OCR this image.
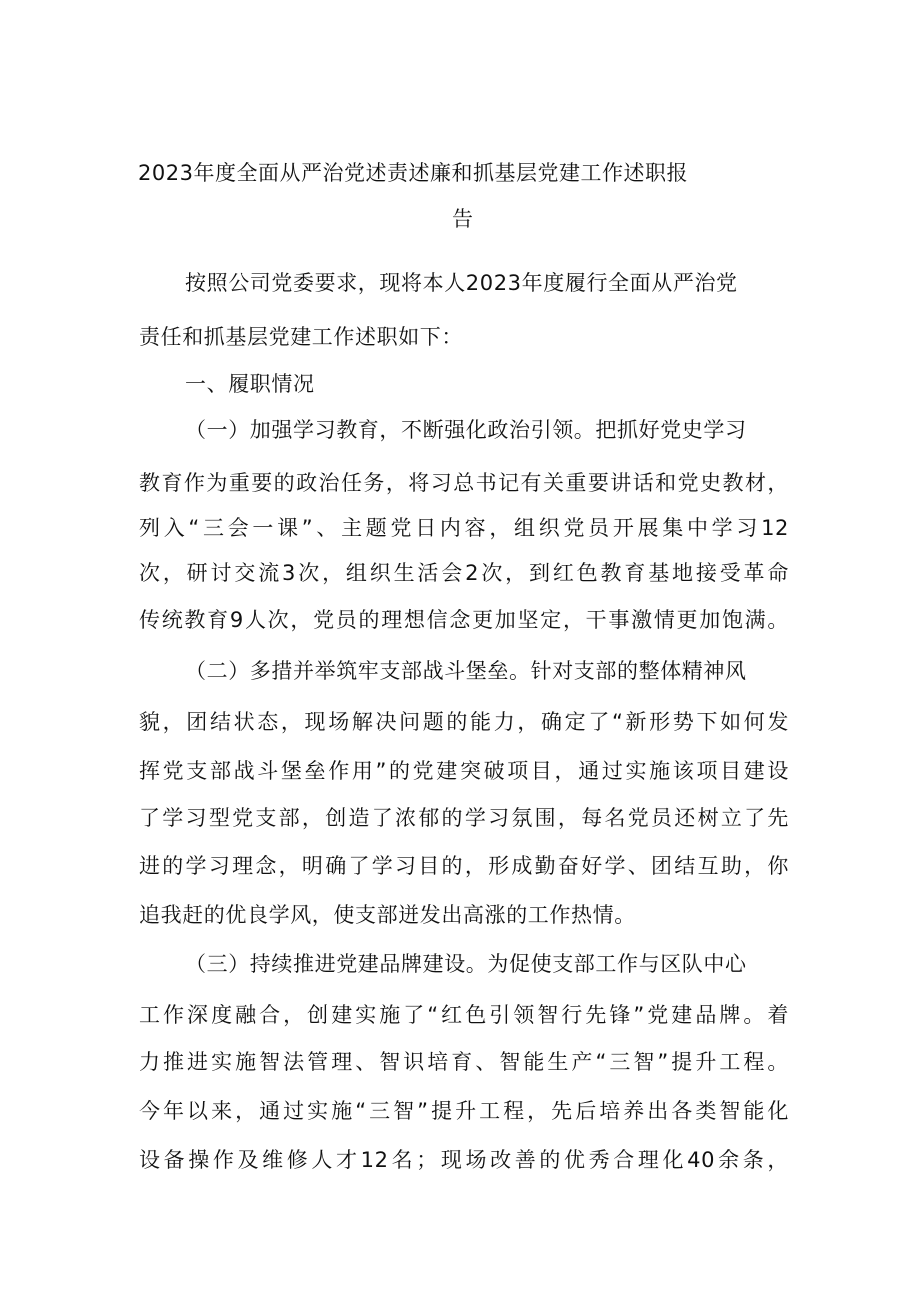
2023年度全面从严治党述责述廉和抓基层党建工作述职报
告
按照公司党委要求，现将本人2023年度履行全面从严治党
责任和抓基层党建工作述职如下：
一、履职情况
（一）加强学习教育，不断强化政治引领。把抓好党史学习
教育作为重要的政治任务，将习总书记有关重要讲话和党史教材，
列入“三会一课”、主题党日内容，组织党员开展集中学习12
次，研讨交流3次，组织生活会2次，到红色教育基地接受革命
传统教育9人次，党员的理想信念更加坚定，干事激情更加饱满。
（二）多措并举筑牢支部战斗堡垒。针对支部的整体精神风
貌，团结状态，现场解决问题的能力，确定了“新形势下如何发
挥党支部战斗堡垒作用”的党建突破项目，通过实施该项目建设
了学习型党支部，创造了浓郁的学习氛围，每名党员还树立了先
进的学习理念，明确了学习目的，形成勤奋好学、团结互助，你
追我赶的优良学风，使支部迸发出高涨的工作热情。
（三）持续推进党建品牌建设。为促使支部工作与区队中心
工作深度融合，创建实施了“红色引领智行先锋”党建品牌。着
力推进实施智法管理、智识培育、智能生产“三智”提升工程。
今年以来，通过实施“三智”提升工程，先后培养出各类智能化
设备操作及维修人才12名；现场改善的优秀合理化40余条，
